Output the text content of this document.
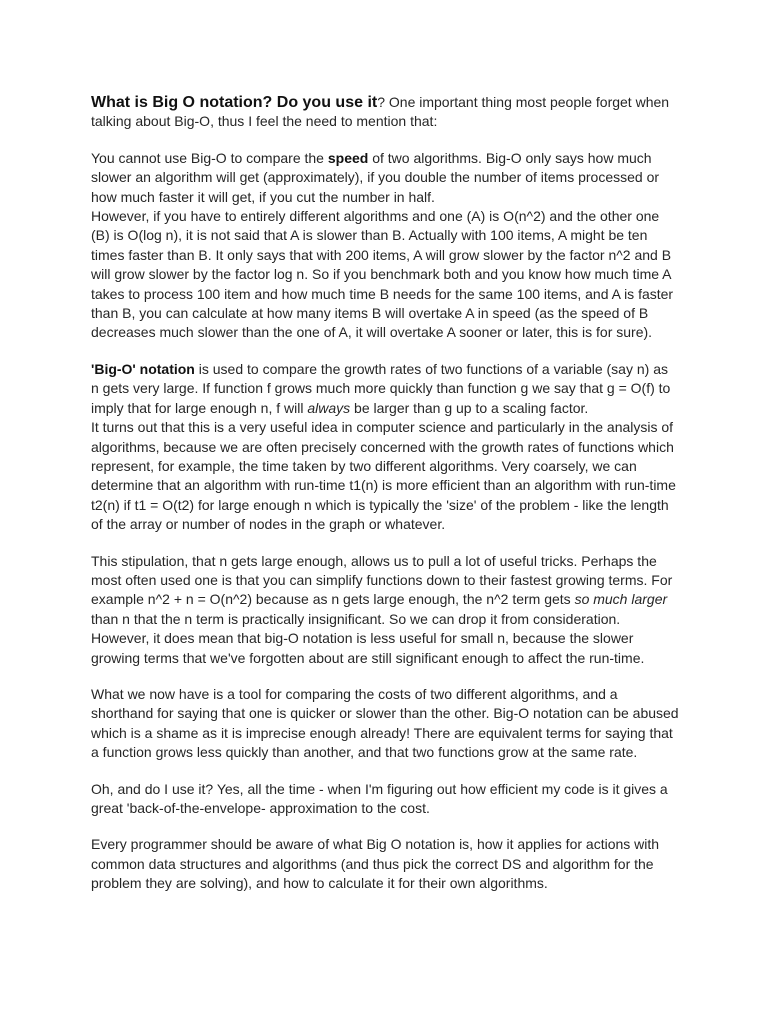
What is Big O notation? Do you use it? One important thing most people forget when talking about Big-O, thus I feel the need to mention that:

You cannot use Big-O to compare the speed of two algorithms. Big-O only says how much slower an algorithm will get (approximately), if you double the number of items processed or how much faster it will get, if you cut the number in half.

However, if you have to entirely different algorithms and one (A) is O(n^2) and the other one (B) is O(log n), it is not said that A is slower than B. Actually with 100 items, A might be ten times faster than B. It only says that with 200 items, A will grow slower by the factor n^2 and B will grow slower by the factor log n. So if you benchmark both and you know how much time A takes to process 100 item and how much time B needs for the same 100 items, and A is faster than B, you can calculate at how many items B will overtake A in speed (as the speed of B decreases much slower than the one of A, it will overtake A sooner or later, this is for sure).

'Big-O' notation is used to compare the growth rates of two functions of a variable (say n) as n gets very large. If function f grows much more quickly than function g we say that g = O(f) to imply that for large enough n, f will always be larger than g up to a scaling factor.

It turns out that this is a very useful idea in computer science and particularly in the analysis of algorithms, because we are often precisely concerned with the growth rates of functions which represent, for example, the time taken by two different algorithms. Very coarsely, we can determine that an algorithm with run-time t1(n) is more efficient than an algorithm with run-time t2(n) if t1 = O(t2) for large enough n which is typically the 'size' of the problem - like the length of the array or number of nodes in the graph or whatever.

This stipulation, that n gets large enough, allows us to pull a lot of useful tricks. Perhaps the most often used one is that you can simplify functions down to their fastest growing terms. For example n^2 + n = O(n^2) because as n gets large enough, the n^2 term gets so much larger than n that the n term is practically insignificant. So we can drop it from consideration. However, it does mean that big-O notation is less useful for small n, because the slower growing terms that we've forgotten about are still significant enough to affect the run-time.

What we now have is a tool for comparing the costs of two different algorithms, and a shorthand for saying that one is quicker or slower than the other. Big-O notation can be abused which is a shame as it is imprecise enough already! There are equivalent terms for saying that a function grows less quickly than another, and that two functions grow at the same rate.

Oh, and do I use it? Yes, all the time - when I'm figuring out how efficient my code is it gives a great 'back-of-the-envelope- approximation to the cost.

Every programmer should be aware of what Big O notation is, how it applies for actions with common data structures and algorithms (and thus pick the correct DS and algorithm for the problem they are solving), and how to calculate it for their own algorithms.
